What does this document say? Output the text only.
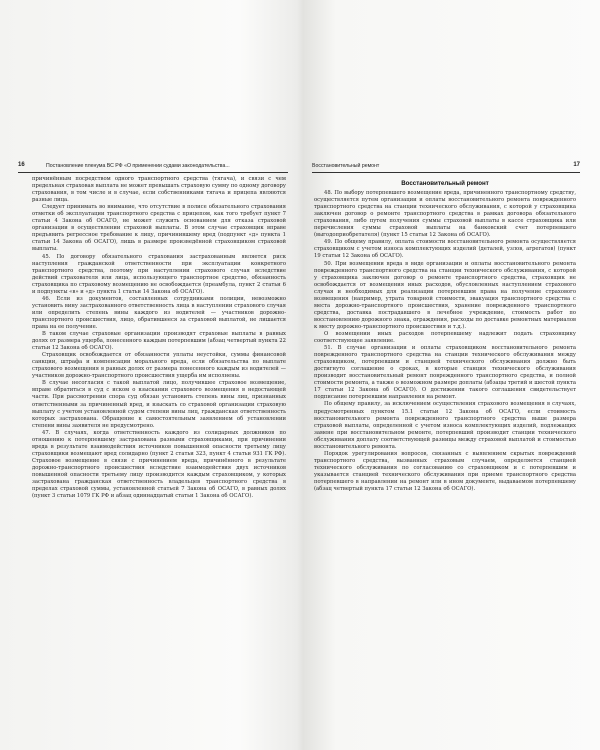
16	Постановление пленума ВС РФ «О применении судами законодательства...

причинённым посредством одного транспортного средства (тягача), и связи с чем предельная страховая выплата не может превышать страховую сумму по одному договору страхования, в том числе и в случае, если собственниками тягача и прицепа являются разные лица.

Следует принимать во внимание, что отсутствие в полисе обязательного страхования отметки об эксплуатации транспортного средства с прицепом, как того требует пункт 7 статьи 4 Закона об ОСАГО, не может служить основанием для отказа страховой организации в осуществлении страховой выплаты. В этом случае страховщик вправе предъявить регрессное требование к лицу, причинившему вред (подпункт «д» пункта 1 статьи 14 Закона об ОСАГО), лишь в размере произведённой страховщиком страховой выплаты.

45. По договору обязательного страхования застрахованным является риск наступления гражданской ответственности при эксплуатации конкретного транспортного средства, поэтому при наступлении страхового случая вследствие действий страхователя или лица, использующего транспортное средство, обязанность страховщика по страховому возмещению не освобождается (преамбула, пункт 2 статьи 6 и подпункты «в» и «д» пункта 1 статьи 14 Закона об ОСАГО).

46. Если из документов, составленных сотрудниками полиции, невозможно установить вину застрахованного ответственность лица в наступлении страхового случая или определить степень вины каждого из водителей — участников дорожно-транспортного происшествия, лицо, обратившееся за страховой выплатой, не лишается права на ее получение.

В таком случае страховые организации производят страховые выплаты в равных долях от размера ущерба, понесенного каждым потерпевшим (абзац четвертый пункта 22 статьи 12 Закона об ОСАГО).

Страховщик освобождается от обязанности уплаты неустойки, суммы финансовой санкции, штрафа и компенсации морального вреда, если обязательства по выплате страхового возмещения в равных долях от размера понесенного каждым из водителей — участников дорожно-транспортного происшествия ущерба им исполнены.

В случае несогласия с такой выплатой лицо, получившее страховое возмещение, вправе обратиться в суд с иском о взыскании страхового возмещения в недостающей части. При рассмотрении спора суд обязан установить степень вины лиц, признанных ответственными за причиненный вред, и взыскать со страховой организации страховую выплату с учетом установленной судом степени вины лиц, гражданская ответственность которых застрахована. Обращение к самостоятельным заявлением об установлении степени вины заявителя не предусмотрено.

47. В случаях, когда ответственность каждого из солидарных должников по отношению к потерпевшему застрахована разными страховщиками, при причинении вреда в результате взаимодействия источников повышенной опасности третьему лицу страховщики возмещают вред солидарно (пункт 2 статьи 323, пункт 4 статьи 931 ГК РФ). Страховое возмещение в связи с причинением вреда, причинённого в результате дорожно-транспортного происшествия вследствие взаимодействия двух источников повышенной опасности третьему лицу производится каждым страховщиком, у которых застрахована гражданская ответственность владельцев транспортного средства в пределах страховой суммы, установленной статьей 7 Закона об ОСАГО, в равных долях (пункт 3 статьи 1079 ГК РФ и абзац одиннадцатый статьи 1 Закона об ОСАГО).

Восстановительный ремонт	17
Восстановительный ремонт

48. По выбору потерпевшего возмещение вреда, причиненного транспортному средству, осуществляется путем организации и оплаты восстановительного ремонта поврежденного транспортного средства на станции технического обслуживания, с которой у страховщика заключен договор о ремонте транспортного средства в рамках договора обязательного страхования, либо путем получения суммы страховой выплаты в кассе страховщика или перечисления суммы страховой выплаты на банковский счет потерпевшего (выгодоприобретателя) (пункт 15 статьи 12 Закона об ОСАГО).

49. По общему правилу, оплата стоимости восстановительного ремонта осуществляется страховщиком с учетом износа комплектующих изделий (деталей, узлов, агрегатов) (пункт 19 статьи 12 Закона об ОСАГО).

50. При возмещении вреда в виде организации и оплаты восстановительного ремонта поврежденного транспортного средства на станции технического обслуживания, с которой у страховщика заключен договор о ремонте транспортного средства, страховщик не освобождается от возмещения иных расходов, обусловленных наступлением страхового случая и необходимых для реализации потерпевшим права на получение страхового возмещения (например, утрата товарной стоимости, эвакуация транспортного средства с места дорожно-транспортного происшествия, хранение поврежденного транспортного средства, доставка пострадавшего в лечебное учреждение, стоимость работ по восстановлению дорожного знака, ограждения, расходы по доставке ремонтных материалов к месту дорожно-транспортного происшествия и т.д.).

О возмещении иных расходов потерпевшему надлежит подать страховщику соответствующее заявление.

51. В случае организации и оплаты страховщиком восстановительного ремонта поврежденного транспортного средства на станции технического обслуживания между страховщиком, потерпевшим и станцией технического обслуживания должно быть достигнуто соглашение о сроках, в которые станция технического обслуживания производит восстановительный ремонт поврежденного транспортного средства, и полной стоимости ремонта, а также о возможном размере доплаты (абзацы третий и шестой пункта 17 статьи 12 Закона об ОСАГО). О достижении такого соглашения свидетельствует подписание потерпевшим направления на ремонт.

По общему правилу, за исключением осуществления страхового возмещения в случаях, предусмотренных пунктом 15.1 статьи 12 Закона об ОСАГО, если стоимость восстановительного ремонта поврежденного транспортного средства выше размера страховой выплаты, определенной с учетом износа комплектующих изделий, подлежащих замене при восстановительном ремонте, потерпевший производит станции технического обслуживания доплату соответствующей разницы между страховой выплатой и стоимостью восстановительного ремонта.

Порядок урегулирования вопросов, связанных с выявлением скрытых повреждений транспортного средства, вызванных страховым случаем, определяется станцией технического обслуживания по согласованию со страховщиком и с потерпевшим и указывается станцией технического обслуживания при приеме транспортного средства потерпевшего в направлении на ремонт или в ином документе, выдаваемом потерпевшему (абзац четвертый пункта 17 статьи 12 Закона об ОСАГО).
